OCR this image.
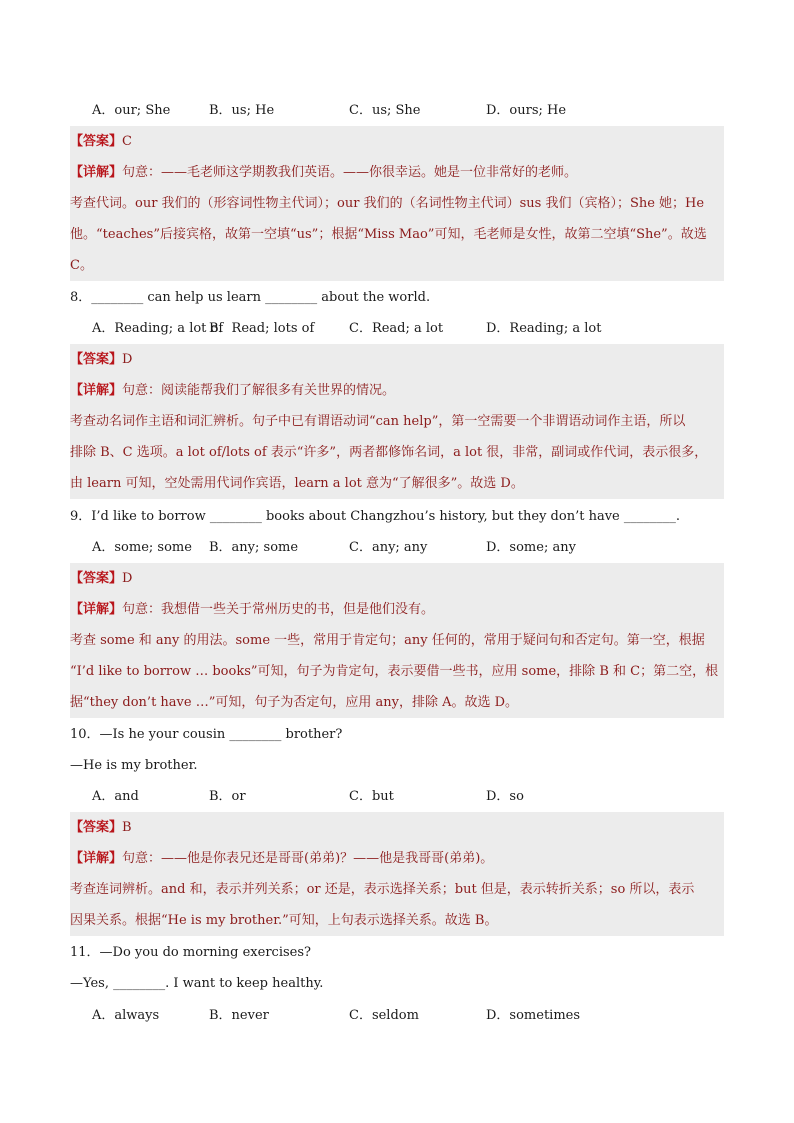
A．our; She	B．us; He	C．us; She	D．ours; He
【答案】C
【详解】句意：——毛老师这学期教我们英语。——你很幸运。她是一位非常好的老师。
考查代词。our 我们的（形容词性物主代词）；our 我们的（名词性物主代词）sus 我们（宾格）；She 她；He
他。“teaches”后接宾格，故第一空填“us”；根据“Miss Mao”可知，毛老师是女性，故第二空填“She”。故选
C。
8．________ can help us learn ________ about the world.
A．Reading; a lot of
B．Read; lots of	C．Read; a lot	D．Reading; a lot
【答案】D
【详解】句意：阅读能帮我们了解很多有关世界的情况。
考查动名词作主语和词汇辨析。句子中已有谓语动词“can help”，第一空需要一个非谓语动词作主语，所以
排除 B、C 选项。a lot of/lots of 表示“许多”，两者都修饰名词，a lot 很，非常，副词或作代词，表示很多，
由 learn 可知，空处需用代词作宾语，learn a lot 意为“了解很多”。故选 D。
9．I’d like to borrow ________ books about Changzhou’s history, but they don’t have ________.
A．some; some B．any; some	C．any; any	D．some; any
【答案】D
【详解】句意：我想借一些关于常州历史的书，但是他们没有。
考查 some 和 any 的用法。some 一些，常用于肯定句；any 任何的，常用于疑问句和否定句。第一空，根据
“I’d like to borrow … books”可知，句子为肯定句，表示要借一些书，应用 some，排除 B 和 C；第二空，根
据“they don’t have …”可知，句子为否定句，应用 any，排除 A。故选 D。
10．—Is he your cousin ________ brother?
—He is my brother.
A．and	B．or	C．but	D．so
【答案】B
【详解】句意：——他是你表兄还是哥哥(弟弟)？——他是我哥哥(弟弟)。
考查连词辨析。and 和，表示并列关系；or 还是，表示选择关系；but 但是，表示转折关系；so 所以，表示
因果关系。根据“He is my brother.”可知，上句表示选择关系。故选 B。
11．—Do you do morning exercises?
—Yes, ________. I want to keep healthy.
A．always	B．never	C．seldom	D．sometimes
